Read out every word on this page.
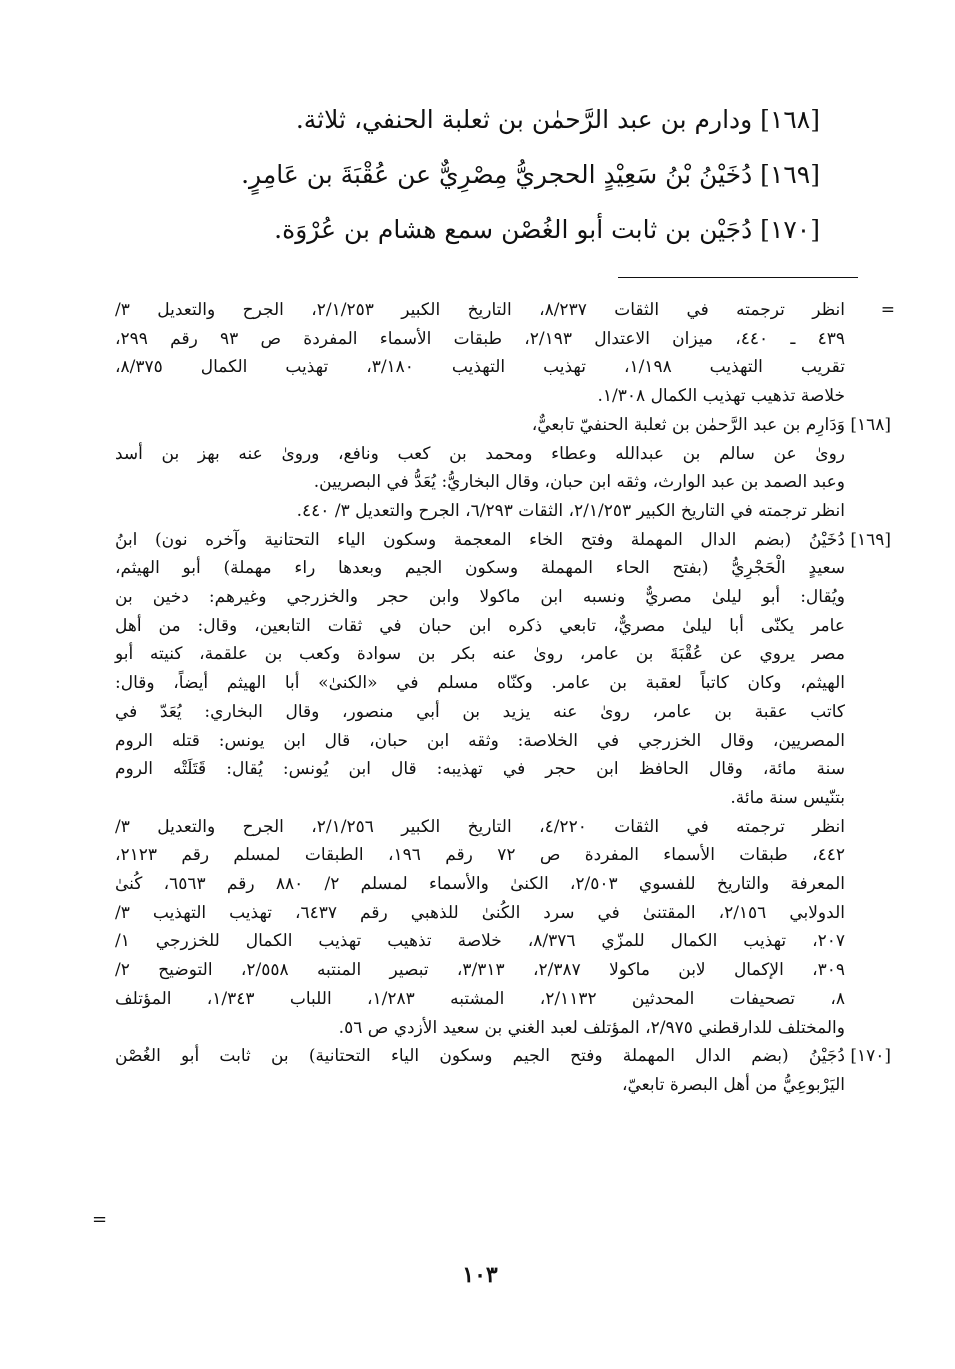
[١٦٨] ودارم بن عبد الرَّحمٰن بن ثعلبة الحنفي، ثلاثة.
[١٦٩] دُخَيْنُ بْنُ سَعِيْدٍ الحجريُّ مِصْرِيٌّ عن عُقْبَةَ بن عَامِرٍ.
[١٧٠] دُجَيْن بن ثابت أبو الغُصْن سمع هشام بن عُرْوَة.
=
انظر ترجمته في الثقات ٨/٢٣٧، التاريخ الكبير ٢/١/٢٥٣، الجرح والتعديل ٣/
٤٣٩ ـ ٤٤٠، ميزان الاعتدال ٢/١٩٣، طبقات الأسماء المفردة ص ٩٣ رقم ٢٩٩،
تقريب التهذيب ١/١٩٨، تهذيب التهذيب ٣/١٨٠، تهذيب الكمال ٨/٣٧٥،
خلاصة تذهيب تهذيب الكمال ١/٣٠٨.
[١٦٨]
وَدَارِم بن عبد الرَّحمٰن بن ثعلبة الحنفيّ تابعيٌّ،
روىٰ عن سالم بن عبدالله وعطاء ومحمد بن كعب ونافع، وروىٰ عنه بهز بن أسد
وعبد الصمد بن عبد الوارث، وثقه ابن حبان، وقال البخاريُّ: يُعَدُّ في البصريين.
انظر ترجمته في التاريخ الكبير ٢/١/٢٥٣، الثقات ٦/٢٩٣، الجرح والتعديل ٣/ ٤٤٠.
[١٦٩]
دُخَيْنُ (بضم الدال المهملة وفتح الخاء المعجمة وسكون الياء التحتانية وآخره نون) ابنُ
سعيدٍ الْحَجْرِيُّ (بفتح الحاء المهملة وسكون الجيم وبعدها راء مهملة) أبو الهيثم،
ويُقال: أبو ليلىٰ مصريٌّ ونسبه ابن ماكولا وابن حجر والخزرجي وغيرهم: دخين بن
عامر يكنّى أبا ليلىٰ مصريٌّ، تابعي ذكره ابن حبان في ثقات التابعين، وقال: من أهل
مصر يروي عن عُقْبَةَ بن عامر، روىٰ عنه بكر بن سوادة وكعب بن علقمة، كنيته أبو
الهيثم، وكان كاتباً لعقبة بن عامر. وكنّاه مسلم في «الكنىٰ» أبا الهيثم أيضاً، وقال:
كاتب عقبة بن عامر، روىٰ عنه يزيد بن أبي منصور، وقال البخاري: يُعَدّ في
المصريين، وقال الخزرجي في الخلاصة: وثقه ابن حبان، قال ابن يونس: قتله الروم
سنة مائة، وقال الحافظ ابن حجر في تهذيبه: قال ابن يُونس: يُقال: قَتَلَتْه الروم
بتنّيس سنة مائة.
انظر ترجمته في الثقات ٤/٢٢٠، التاريخ الكبير ٢/١/٢٥٦، الجرح والتعديل ٣/
٤٤٢، طبقات الأسماء المفردة ص ٧٢ رقم ١٩٦، الطبقات لمسلم رقم ٢١٢٣،
المعرفة والتاريخ للفسوي ٢/٥٠٣، الكنىٰ والأسماء لمسلم ٢/ ٨٨٠ رقم ٦٥٦٣، كُنىٰ
الدولابي ٢/١٥٦، المقتنىٰ في سرد الكُنىٰ للذهبي رقم ٦٤٣٧، تهذيب التهذيب ٣/
٢٠٧، تهذيب الكمال للمزّي ٨/٣٧٦، خلاصة تذهيب تهذيب الكمال للخزرجي ١/
٣٠٩، الإكمال لابن ماكولا ٢/٣٨٧، ٣/٣١٣، تبصير المنتبه ٢/٥٥٨، التوضيح ٢/
٨، تصحيفات المحدثين ٢/١١٣٢، المشتبه ١/٢٨٣، اللباب ١/٣٤٣، المؤتلف
والمختلف للدارقطني ٢/٩٧٥، المؤتلف لعبد الغني بن سعيد الأزدي ص ٥٦.
[١٧٠]
دُجَيْنُ (بضم الدال المهملة وفتح الجيم وسكون الياء التحتانية) بن ثابت أبو الغُصْن
اليَرْبوعِيُّ من أهل البصرة تابعيّ،
=
١٠٣
